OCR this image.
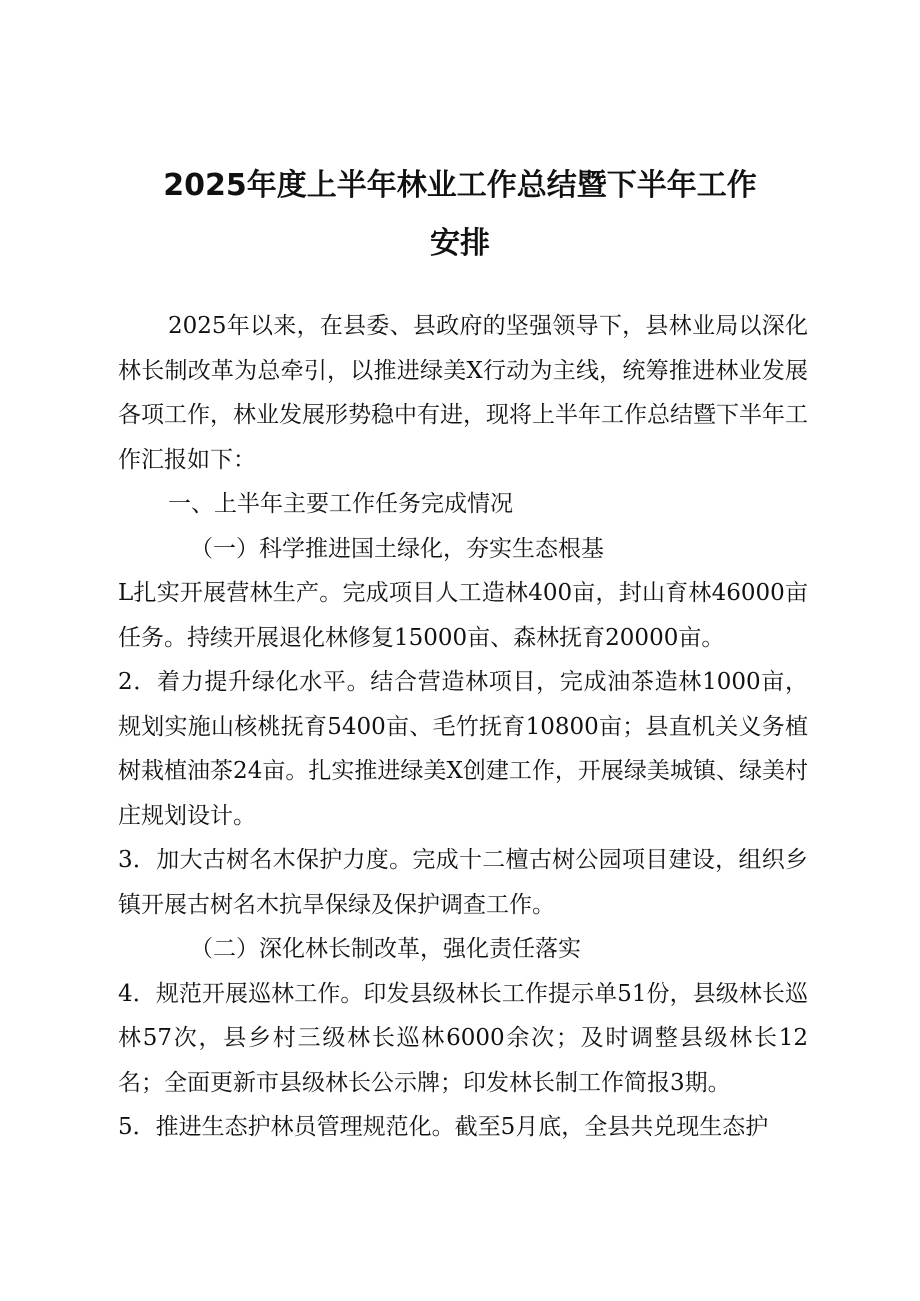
2025年度上半年林业工作总结暨下半年工作
安排

2025年以来，在县委、县政府的坚强领导下，县林业局以深化林长制改革为总牵引，以推进绿美X行动为主线，统筹推进林业发展各项工作，林业发展形势稳中有进，现将上半年工作总结暨下半年工作汇报如下：

一、上半年主要工作任务完成情况

（一）科学推进国土绿化，夯实生态根基

L扎实开展营林生产。完成项目人工造林400亩，封山育林46000亩任务。持续开展退化林修复15000亩、森林抚育20000亩。

2．着力提升绿化水平。结合营造林项目，完成油茶造林1000亩，规划实施山核桃抚育5400亩、毛竹抚育10800亩；县直机关义务植树栽植油茶24亩。扎实推进绿美X创建工作，开展绿美城镇、绿美村庄规划设计。

3．加大古树名木保护力度。完成十二檀古树公园项目建设，组织乡镇开展古树名木抗旱保绿及保护调查工作。

（二）深化林长制改革，强化责任落实

4．规范开展巡林工作。印发县级林长工作提示单51份，县级林长巡林57次，县乡村三级林长巡林6000余次；及时调整县级林长12名；全面更新市县级林长公示牌；印发林长制工作简报3期。

5．推进生态护林员管理规范化。截至5月底，全县共兑现生态护
